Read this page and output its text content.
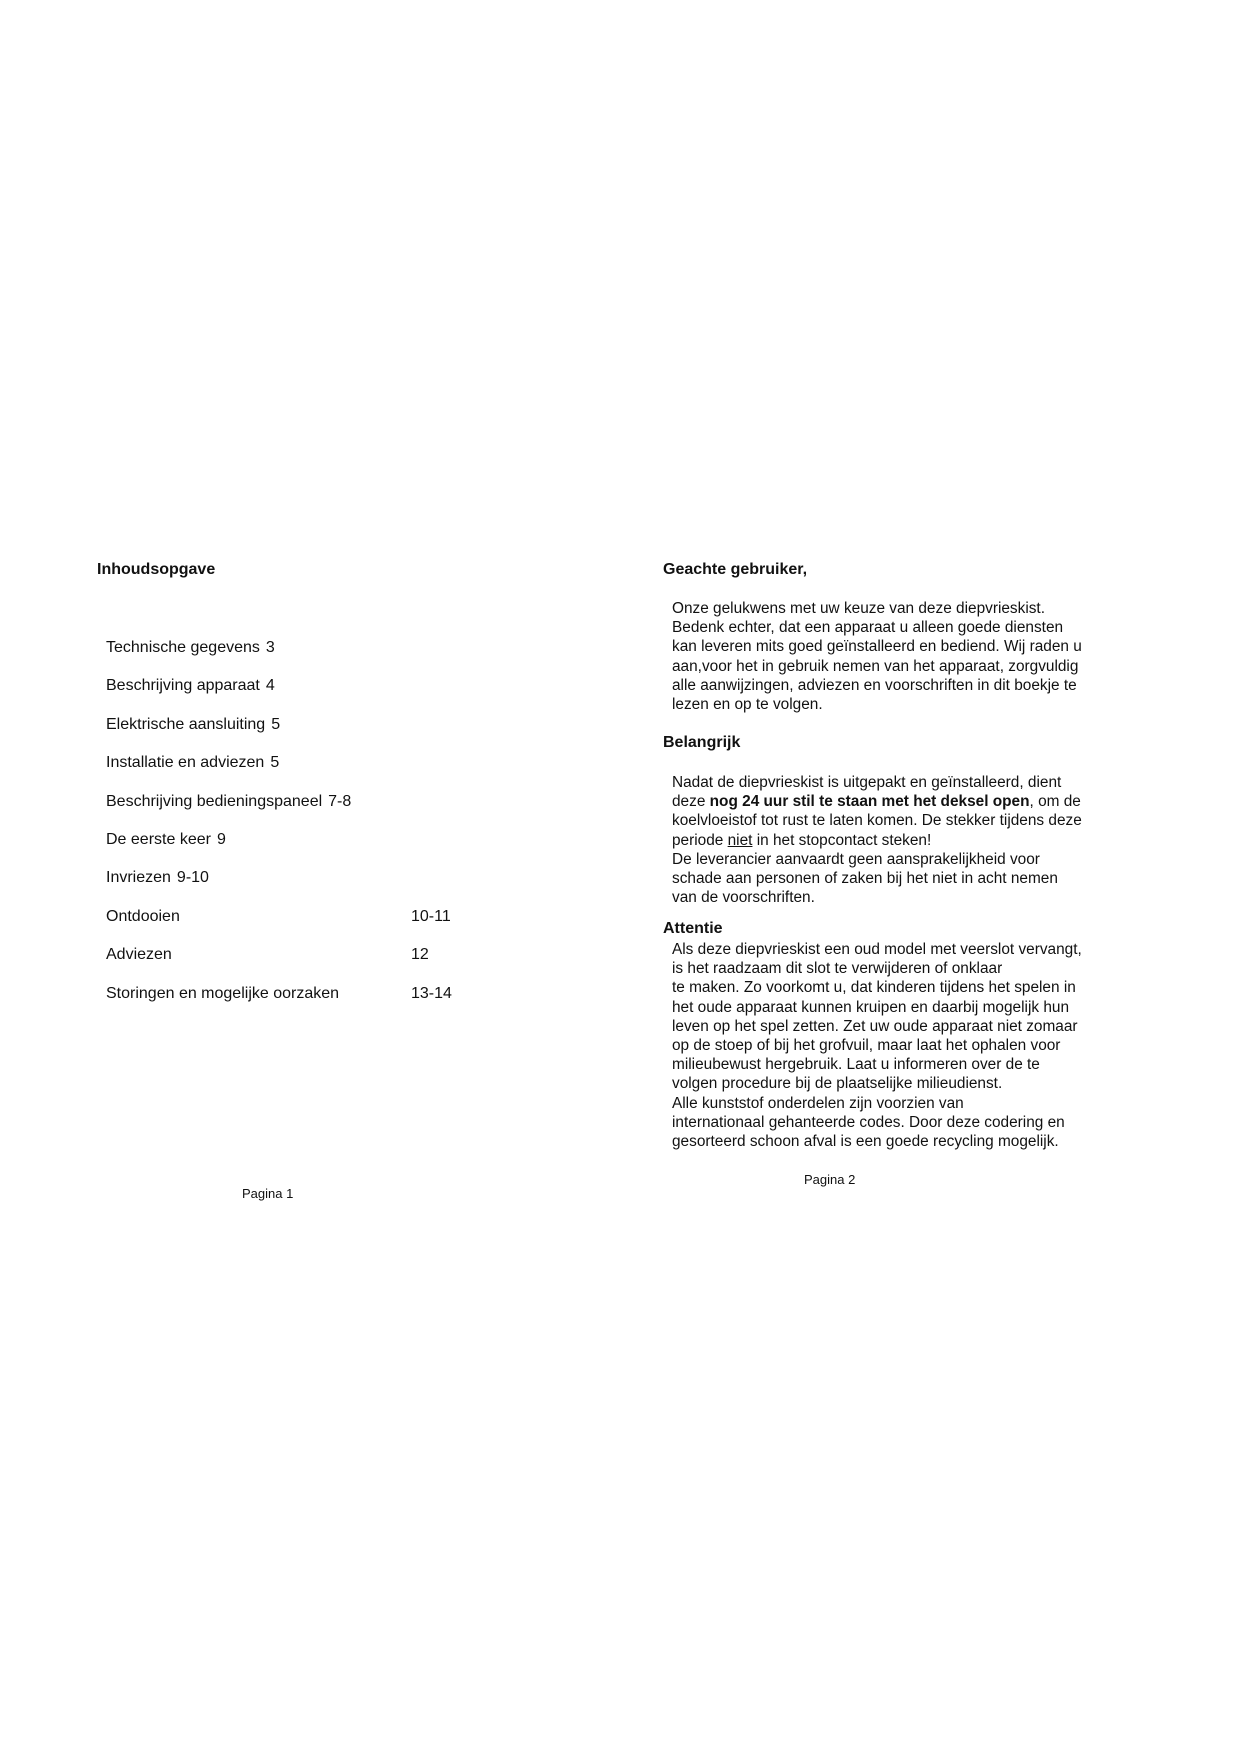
Inhoudsopgave
Technische gegevens 3
Beschrijving apparaat 4
Elektrische aansluiting 5
Installatie en adviezen 5
Beschrijving bedieningspaneel 7-8
De eerste keer 9
Invriezen 9-10
Ontdooien	10-11
Adviezen	12
Storingen en mogelijke oorzaken	13-14
Pagina 1
Geachte gebruiker,
Onze gelukwens met uw keuze van deze diepvrieskist.
Bedenk echter, dat een apparaat u alleen goede diensten
kan leveren mits goed geïnstalleerd en bediend. Wij raden u
aan,voor het in gebruik nemen van het apparaat, zorgvuldig
alle aanwijzingen, adviezen en voorschriften in dit boekje te
lezen en op te volgen.
Belangrijk
Nadat de diepvrieskist is uitgepakt en geïnstalleerd, dient
deze nog 24 uur stil te staan met het deksel open, om de
koelvloeistof tot rust te laten komen. De stekker tijdens deze
periode niet in het stopcontact steken!
De leverancier aanvaardt geen aansprakelijkheid voor
schade aan personen of zaken bij het niet in acht nemen
van de voorschriften.
Attentie
Als deze diepvrieskist een oud model met veerslot vervangt,
is het raadzaam dit slot te verwijderen of onklaar
te maken. Zo voorkomt u, dat kinderen tijdens het spelen in
het oude apparaat kunnen kruipen en daarbij mogelijk hun
leven op het spel zetten. Zet uw oude apparaat niet zomaar
op de stoep of bij het grofvuil, maar laat het ophalen voor
milieubewust hergebruik. Laat u informeren over de te
volgen procedure bij de plaatselijke milieudienst.
Alle kunststof onderdelen zijn voorzien van
internationaal gehanteerde codes. Door deze codering en
gesorteerd schoon afval is een goede recycling mogelijk.
Pagina 2
